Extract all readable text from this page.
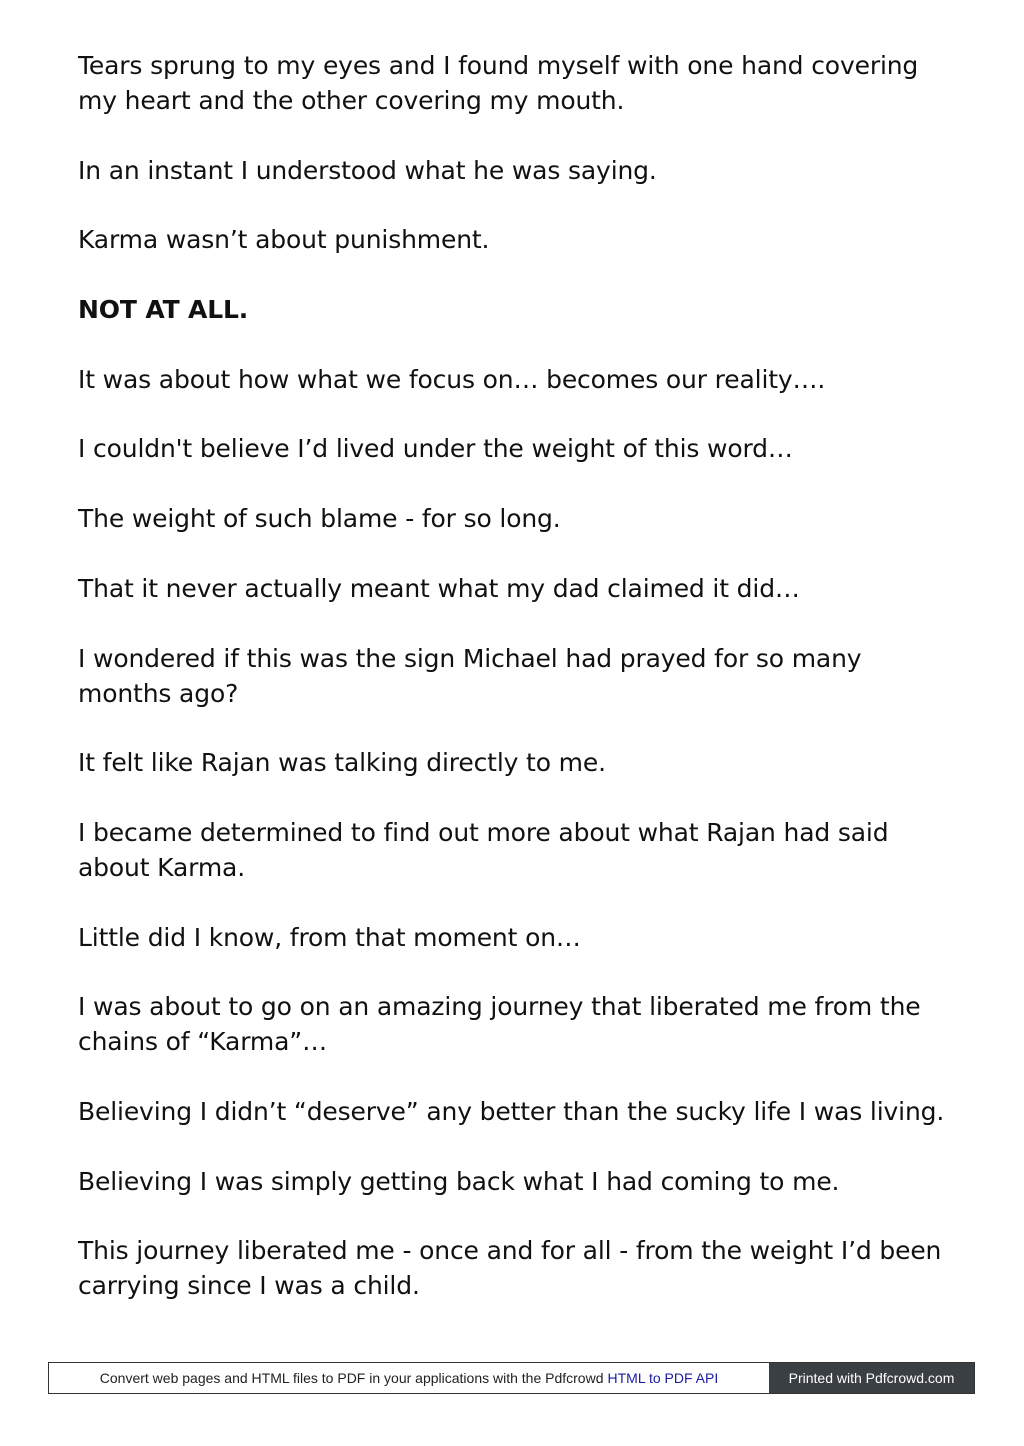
Tears sprung to my eyes and I found myself with one hand covering my heart and the other covering my mouth.

In an instant I understood what he was saying.

Karma wasn’t about punishment.

NOT AT ALL.

It was about how what we focus on… becomes our reality….

I couldn't believe I’d lived under the weight of this word…

The weight of such blame - for so long.

That it never actually meant what my dad claimed it did…

I wondered if this was the sign Michael had prayed for so many months ago?

It felt like Rajan was talking directly to me.

I became determined to find out more about what Rajan had said about Karma.

Little did I know, from that moment on…

I was about to go on an amazing journey that liberated me from the chains of “Karma”…

Believing I didn’t “deserve” any better than the sucky life I was living.

Believing I was simply getting back what I had coming to me.

This journey liberated me - once and for all - from the weight I’d been carrying since I was a child.

Convert web pages and HTML files to PDF in your applications with the Pdfcrowd HTML to PDF API	Printed with Pdfcrowd.com
